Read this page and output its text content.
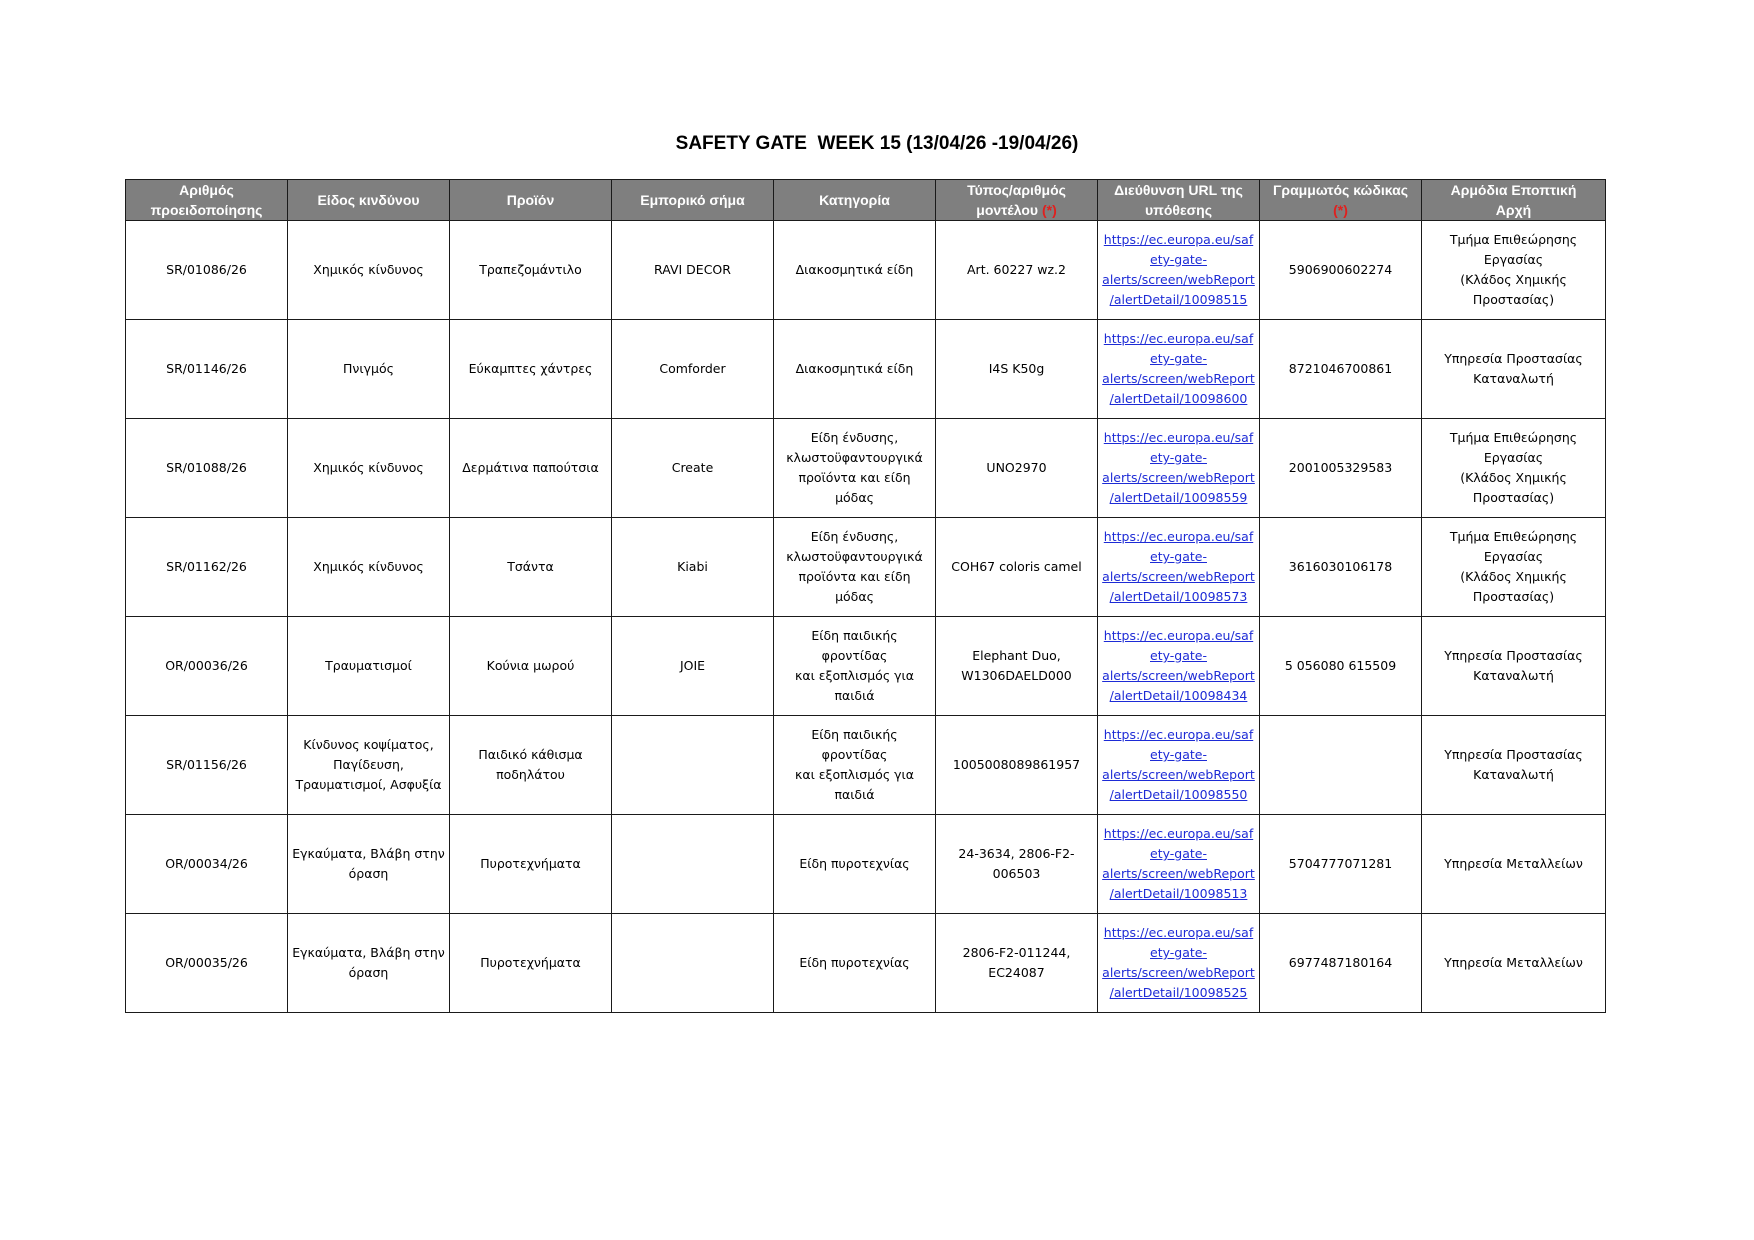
SAFETY GATE  WEEK 15 (13/04/26 -19/04/26)
Αριθμός
προειδοποίησης	Είδος κινδύνου	Προϊόν	Εμπορικό σήμα	Κατηγορία	Τύπος/αριθμός
μοντέλου (*)	Διεύθυνση URL της
υπόθεσης	Γραμμωτός κώδικας
(*)	Αρμόδια Εποπτική
Αρχή

SR/01086/26	Χημικός κίνδυνος	Τραπεζομάντιλο	RAVI DECOR	Διακοσμητικά είδη	Art. 60227 wz.2	https://ec.europa.eu/saf
ety-gate-
alerts/screen/webReport
/alertDetail/10098515	5906900602274	Τμήμα Επιθεώρησης
Εργασίας
(Κλάδος Χημικής
Προστασίας)

SR/01146/26	Πνιγμός	Εύκαμπτες χάντρες	Comforder	Διακοσμητικά είδη	I4S K50g	https://ec.europa.eu/saf
ety-gate-
alerts/screen/webReport
/alertDetail/10098600	8721046700861	Υπηρεσία Προστασίας
Καταναλωτή

SR/01088/26	Χημικός κίνδυνος	Δερμάτινα παπούτσια	Create	Είδη ένδυσης,
κλωστοϋφαντουργικά
προϊόντα και είδη μόδας	UNO2970	https://ec.europa.eu/saf
ety-gate-
alerts/screen/webReport
/alertDetail/10098559	2001005329583	Τμήμα Επιθεώρησης
Εργασίας
(Κλάδος Χημικής
Προστασίας)

SR/01162/26	Χημικός κίνδυνος	Τσάντα	Kiabi	Είδη ένδυσης,
κλωστοϋφαντουργικά
προϊόντα και είδη μόδας	COH67 coloris camel	https://ec.europa.eu/saf
ety-gate-
alerts/screen/webReport
/alertDetail/10098573	3616030106178	Τμήμα Επιθεώρησης
Εργασίας
(Κλάδος Χημικής
Προστασίας)

OR/00036/26	Τραυματισμοί	Κούνια μωρού	JOIE	Είδη παιδικής φροντίδας
και εξοπλισμός για
παιδιά	Elephant Duo,
W1306DAELD000	https://ec.europa.eu/saf
ety-gate-
alerts/screen/webReport
/alertDetail/10098434	5 056080 615509	Υπηρεσία Προστασίας
Καταναλωτή

SR/01156/26	Κίνδυνος κοψίματος,
Παγίδευση,
Τραυματισμοί, Ασφυξία	Παιδικό κάθισμα
ποδηλάτου		Είδη παιδικής φροντίδας
και εξοπλισμός για
παιδιά	1005008089861957	https://ec.europa.eu/saf
ety-gate-
alerts/screen/webReport
/alertDetail/10098550		Υπηρεσία Προστασίας
Καταναλωτή

OR/00034/26	Εγκαύματα, Βλάβη στην
όραση	Πυροτεχνήματα		Είδη πυροτεχνίας	24-3634, 2806-F2-
006503	https://ec.europa.eu/saf
ety-gate-
alerts/screen/webReport
/alertDetail/10098513	5704777071281	Υπηρεσία Μεταλλείων
OR/00035/26	Εγκαύματα, Βλάβη στην
όραση	Πυροτεχνήματα		Είδη πυροτεχνίας	2806-F2-011244,
EC24087	https://ec.europa.eu/saf
ety-gate-
alerts/screen/webReport
/alertDetail/10098525	6977487180164	Υπηρεσία Μεταλλείων
